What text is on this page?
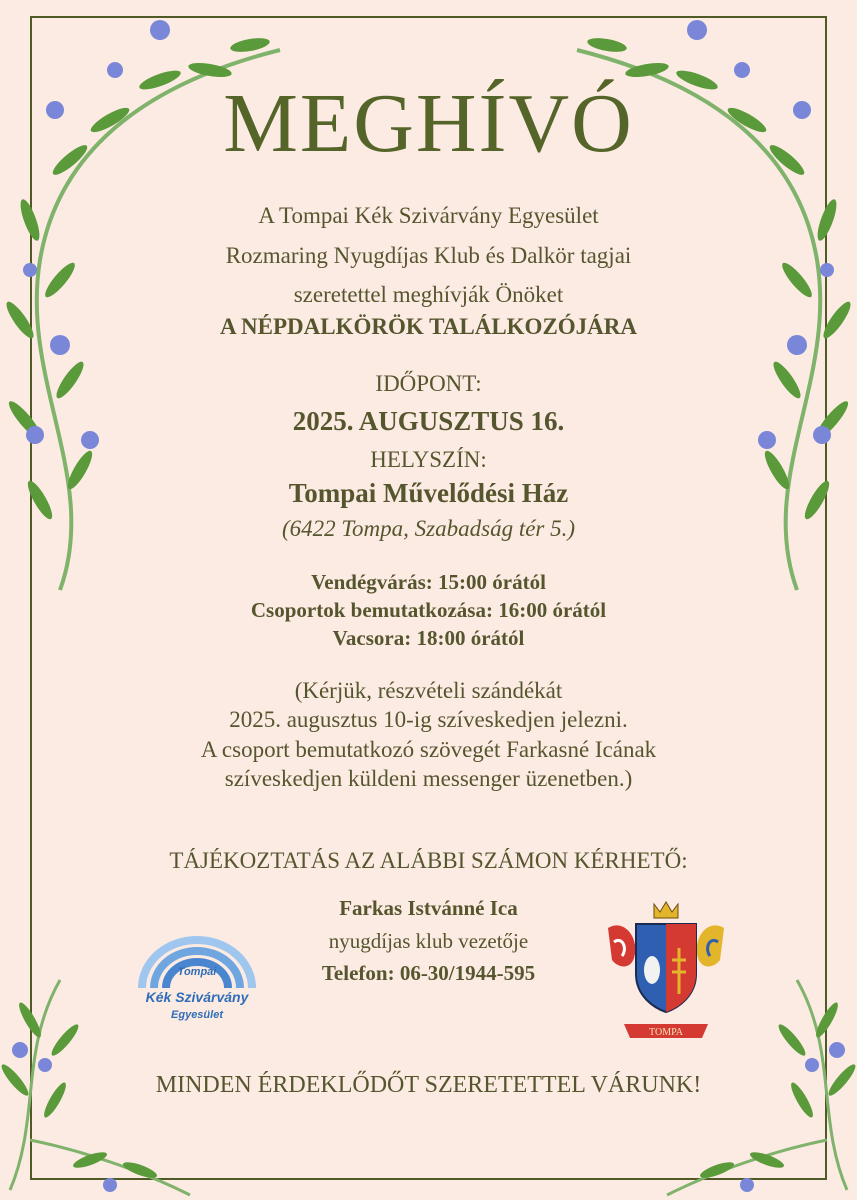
MEGHÍVÓ
A Tompai Kék Szivárvány Egyesület
Rozmaring Nyugdíjas Klub és Dalkör tagjai
szeretettel meghívják Önöket
A NÉPDALKÖRÖK TALÁLKOZÓJÁRA
IDŐPONT:
2025. AUGUSZTUS 16.
HELYSZÍN:
Tompai Művelődési Ház
(6422 Tompa, Szabadság tér 5.)
Vendégvárás: 15:00 órától
Csoportok bemutatkozása: 16:00 órától
Vacsora: 18:00 órától
(Kérjük, részvételi szándékát
2025. augusztus 10-ig szíveskedjen jelezni.
A csoport bemutatkozó szövegét Farkasné Icának
szíveskedjen küldeni messenger üzenetben.)
TÁJÉKOZTATÁS AZ ALÁBBI SZÁMON KÉRHETŐ:
Farkas Istvánné Ica
nyugdíjas klub vezetője
Telefon: 06-30/1944-595
Tompai
Kék Szivárvány
Egyesület
TOMPA
MINDEN ÉRDEKLŐDŐT SZERETETTEL VÁRUNK!
